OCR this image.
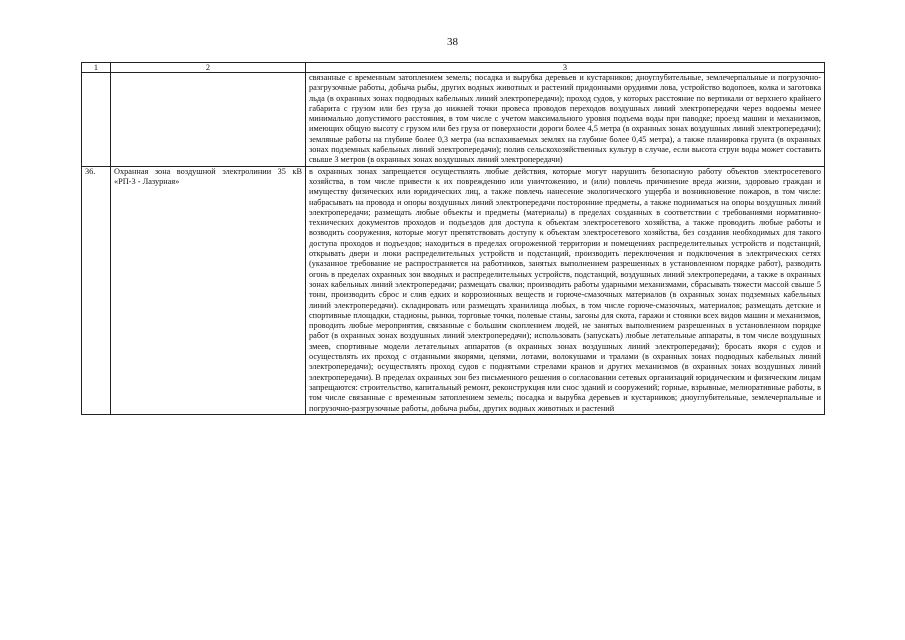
38
1	2	3
		связанные с временным затоплением земель; посадка и вырубка деревьев и кустарников; дноуглубительные, землечерпальные и погрузочно-разгрузочные работы, добыча рыбы, других водных животных и растений придонными орудиями лова, устройство водопоев, колка и заготовка льда (в охранных зонах подводных кабельных линий электропередачи); проход судов, у которых расстояние по вертикали от верхнего крайнего габарита с грузом или без груза до нижней точки провеса проводов переходов воздушных линий электропередачи через водоемы менее минимально допустимого расстояния, в том числе с учетом максимального уровня подъема воды при паводке; проезд машин и механизмов, имеющих общую высоту с грузом или без груза от поверхности дороги более 4,5 метра (в охранных зонах воздушных линий электропередачи); земляные работы на глубине более 0,3 метра (на вспахиваемых землях на глубине более 0,45 метра), а также планировка грунта (в охранных зонах подземных кабельных линий электропередачи); полив сельскохозяйственных культур в случае, если высота струи воды может составить свыше 3 метров (в охранных зонах воздушных линий электропередачи)
36.	Охранная зона воздушной электролинии 35 кВ «РП-3 - Лазурная»	в охранных зонах запрещается осуществлять любые действия, которые могут нарушить безопасную работу объектов электросетевого хозяйства, в том числе привести к их повреждению или уничтожению, и (или) повлечь причинение вреда жизни, здоровью граждан и имуществу физических или юридических лиц, а также повлечь нанесение экологического ущерба и возникновение пожаров, в том числе: набрасывать на провода и опоры воздушных линий электропередачи посторонние предметы, а также подниматься на опоры воздушных линий электропередачи; размещать любые объекты и предметы (материалы) в пределах созданных в соответствии с требованиями нормативно-технических документов проходов и подъездов для доступа к объектам электросетевого хозяйства, а также проводить любые работы и возводить сооружения, которые могут препятствовать доступу к объектам электросетевого хозяйства, без создания необходимых для такого доступа проходов и подъездов; находиться в пределах огороженной территории и помещениях распределительных устройств и подстанций, открывать двери и люки распределительных устройств и подстанций, производить переключения и подключения в электрических сетях (указанное требование не распространяется на работников, занятых выполнением разрешенных в установленном порядке работ), разводить огонь в пределах охранных зон вводных и распределительных устройств, подстанций, воздушных линий электропередачи, а также в охранных зонах кабельных линий электропередачи; размещать свалки; производить работы ударными механизмами, сбрасывать тяжести массой свыше 5 тонн, производить сброс и слив едких и коррозионных веществ и горюче-смазочных материалов (в охранных зонах подземных кабельных линий электропередачи). складировать или размещать хранилища любых, в том числе горюче-смазочных, материалов; размещать детские и спортивные площадки, стадионы, рынки, торговые точки, полевые станы, загоны для скота, гаражи и стоянки всех видов машин и механизмов, проводить любые мероприятия, связанные с большим скоплением людей, не занятых выполнением разрешенных в установленном порядке работ (в охранных зонах воздушных линий электропередачи); использовать (запускать) любые летательные аппараты, в том числе воздушных змеев, спортивные модели летательных аппаратов (в охранных зонах воздушных линий электропередачи); бросать якоря с судов и осуществлять их проход с отданными якорями, цепями, лотами, волокушами и тралами (в охранных зонах подводных кабельных линий электропередачи); осуществлять проход судов с поднятыми стрелами кранов и других механизмов (в охранных зонах воздушных линий электропередачи). В пределах охранных зон без письменного решения о согласовании сетевых организаций юридическим и физическим лицам запрещаются: строительство, капитальный ремонт, реконструкция или снос зданий и сооружений; горные, взрывные, мелиоративные работы, в том числе связанные с временным затоплением земель; посадка и вырубка деревьев и кустарников; дноуглубительные, землечерпальные и погрузочно-разгрузочные работы, добыча рыбы, других водных животных и растений
